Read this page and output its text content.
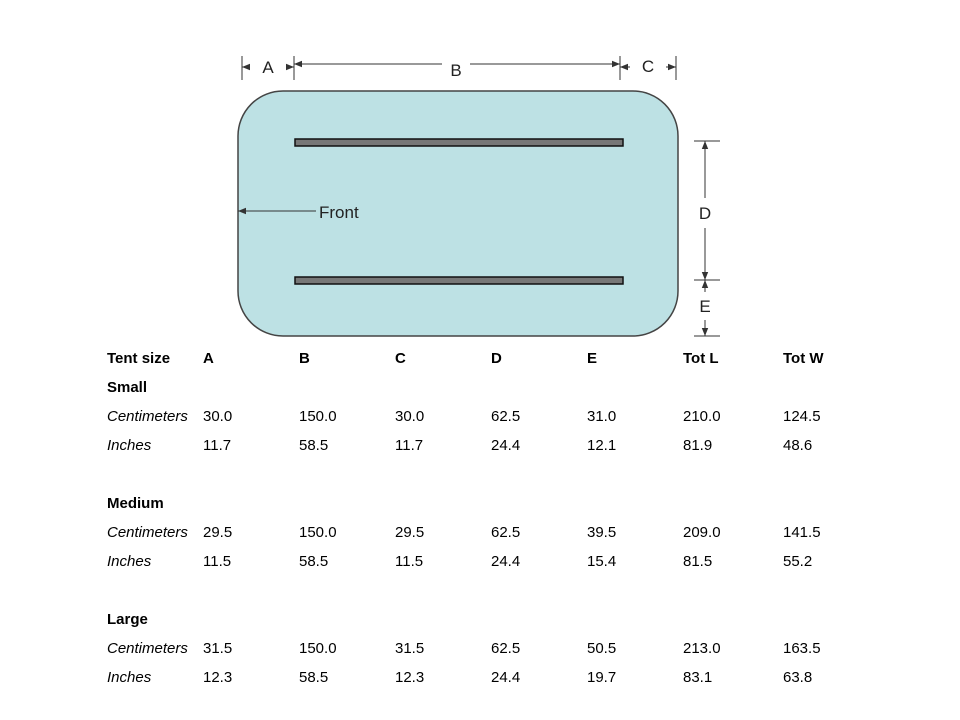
A	B	C
D
E
Front
Tent size	A	B	C	D	E	Tot L	Tot W
Small							
Centimeters	30.0	150.0	30.0	62.5	31.0	210.0	124.5
Inches	11.7	58.5	11.7	24.4	12.1	81.9	48.6

Medium							
Centimeters	29.5	150.0	29.5	62.5	39.5	209.0	141.5
Inches	11.5	58.5	11.5	24.4	15.4	81.5	55.2

Large							
Centimeters	31.5	150.0	31.5	62.5	50.5	213.0	163.5
Inches	12.3	58.5	12.3	24.4	19.7	83.1	63.8
